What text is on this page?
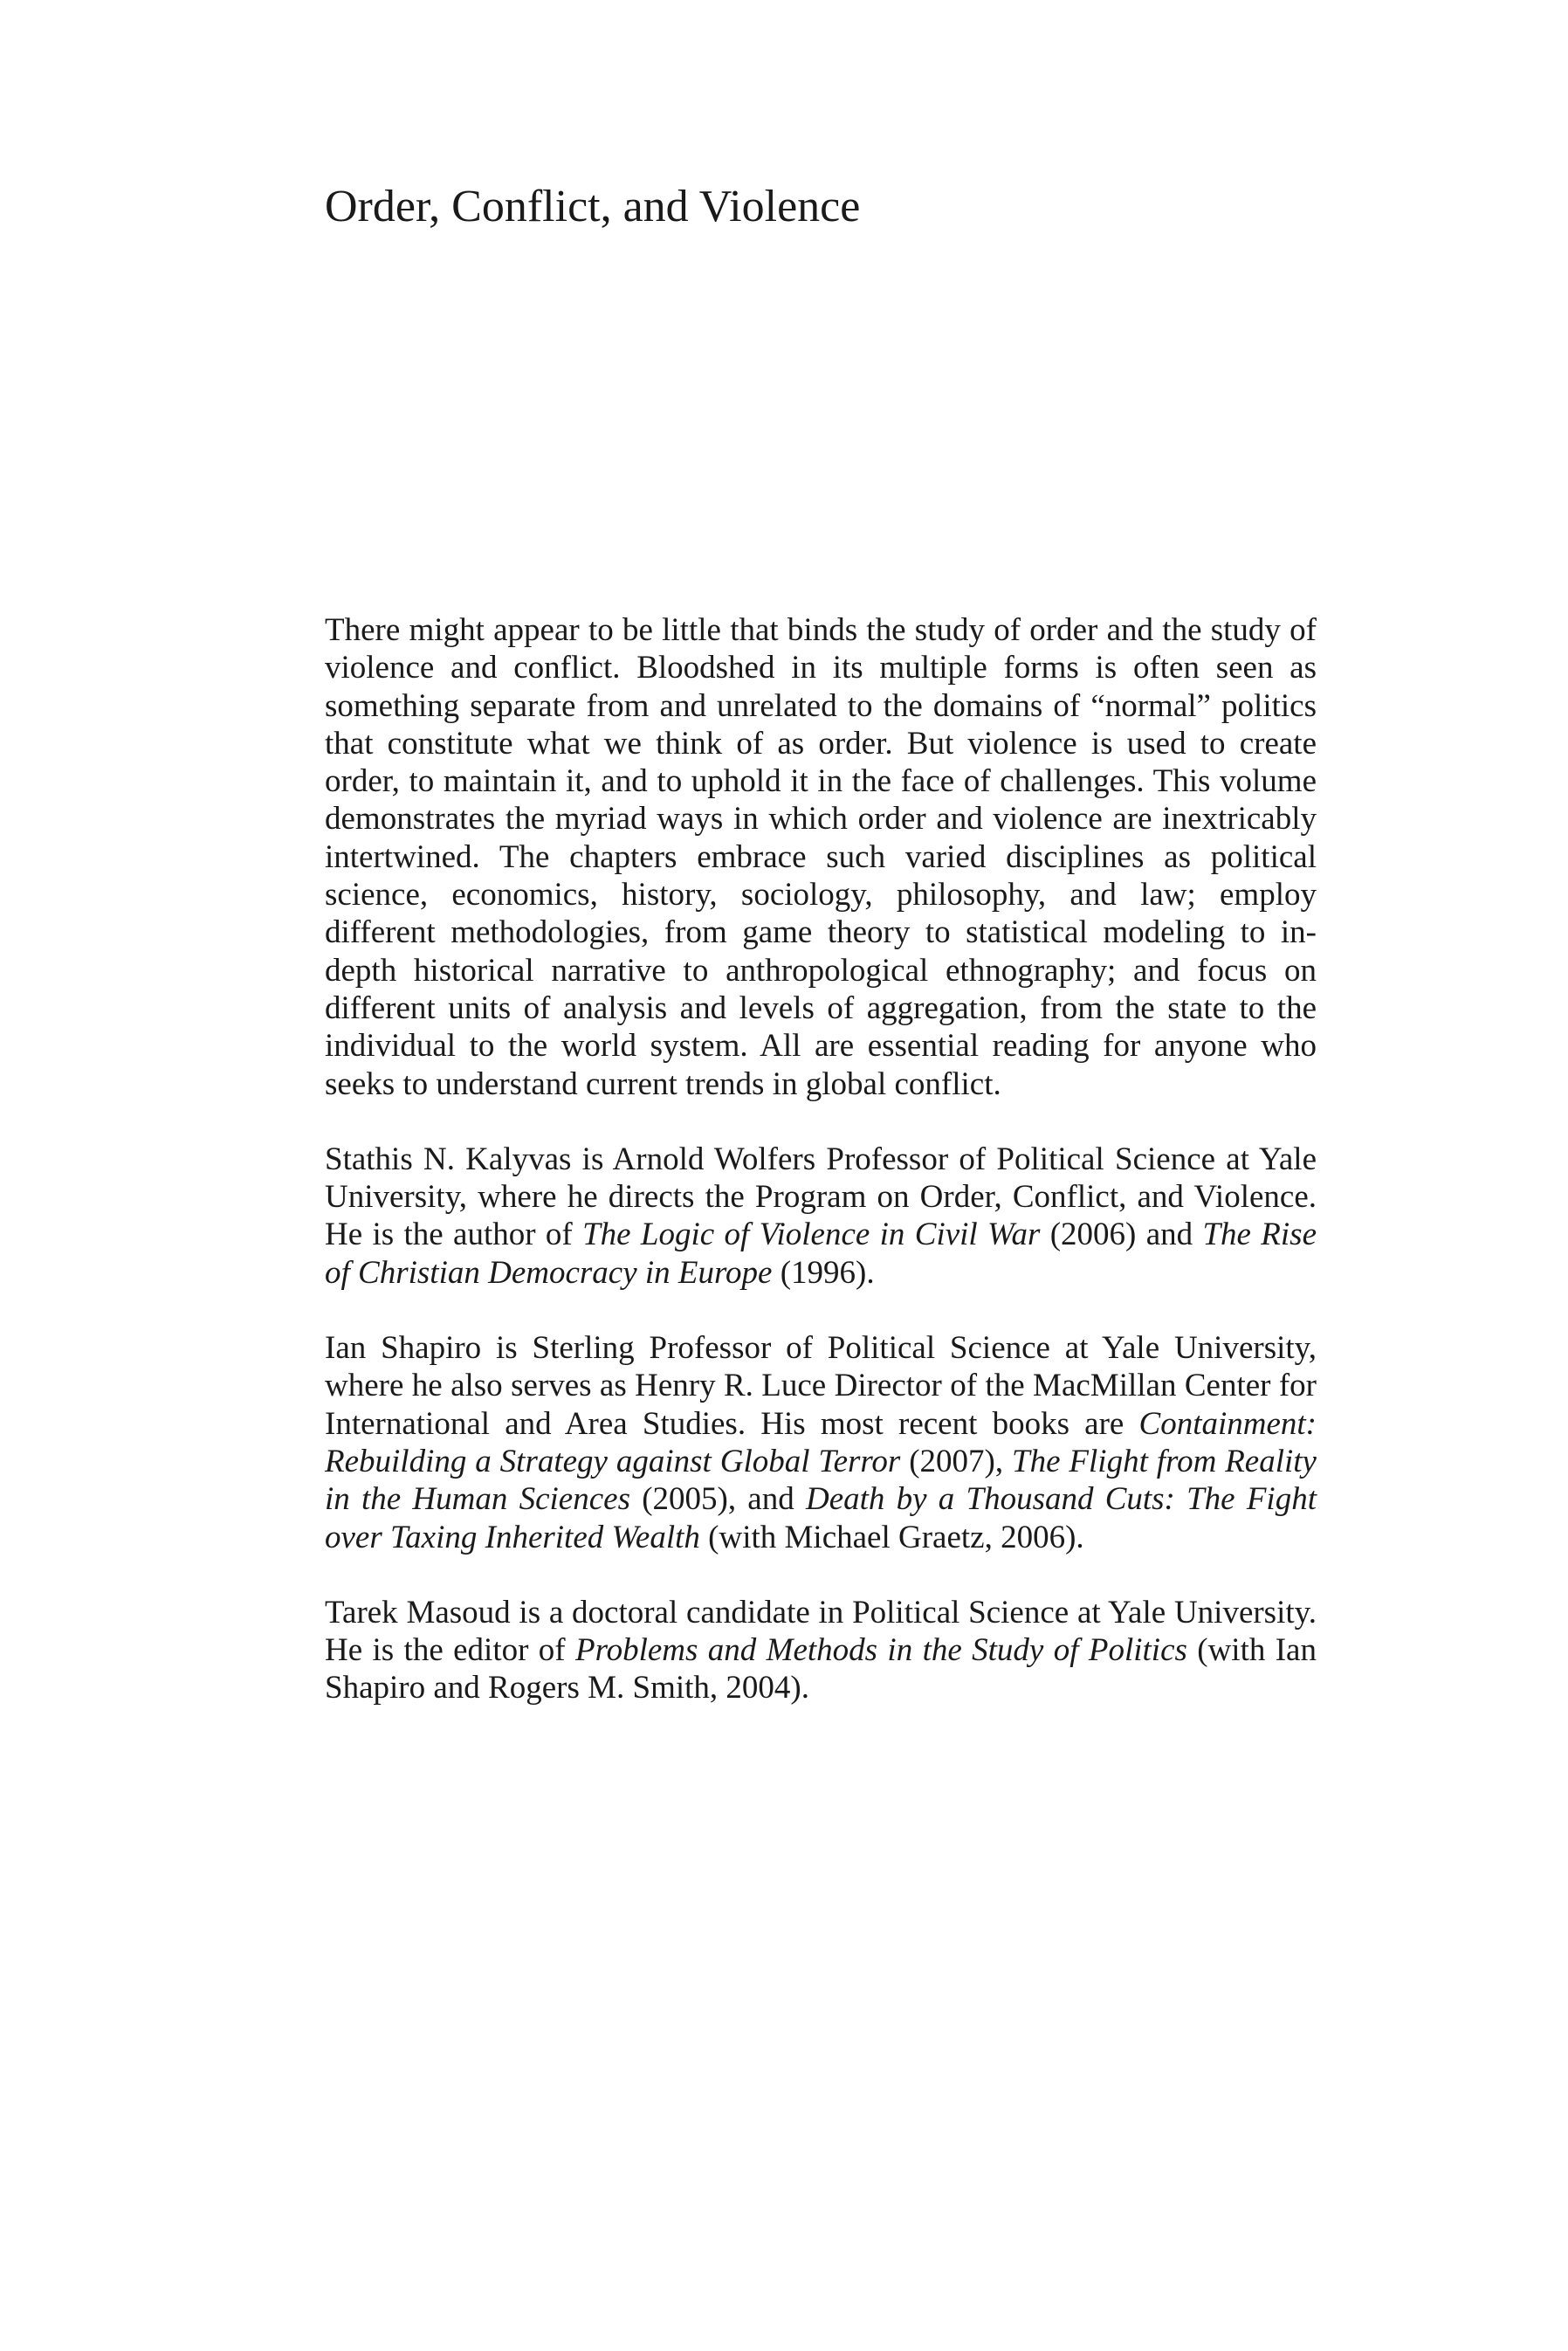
Order, Conflict, and Violence

There might appear to be little that binds the study of order and the study of violence and conflict. Bloodshed in its multiple forms is often seen as something separate from and unrelated to the domains of “normal” politics that constitute what we think of as order. But violence is used to create order, to maintain it, and to uphold it in the face of challenges. This volume demonstrates the myriad ways in which order and violence are inextricably intertwined. The chapters embrace such varied disciplines as political science, economics, history, sociology, philosophy, and law; employ different methodologies, from game theory to statistical modeling to in-depth historical narrative to anthropological ethnography; and focus on different units of analysis and levels of aggregation, from the state to the individual to the world system. All are essential reading for anyone who seeks to understand current trends in global conflict.

Stathis N. Kalyvas is Arnold Wolfers Professor of Political Science at Yale University, where he directs the Program on Order, Conflict, and Violence. He is the author of The Logic of Violence in Civil War (2006) and The Rise of Christian Democracy in Europe (1996).

Ian Shapiro is Sterling Professor of Political Science at Yale University, where he also serves as Henry R. Luce Director of the MacMillan Center for International and Area Studies. His most recent books are Containment: Rebuilding a Strategy against Global Terror (2007), The Flight from Reality in the Human Sciences (2005), and Death by a Thousand Cuts: The Fight over Taxing Inherited Wealth (with Michael Graetz, 2006).

Tarek Masoud is a doctoral candidate in Political Science at Yale University. He is the editor of Problems and Methods in the Study of Politics (with Ian Shapiro and Rogers M. Smith, 2004).
